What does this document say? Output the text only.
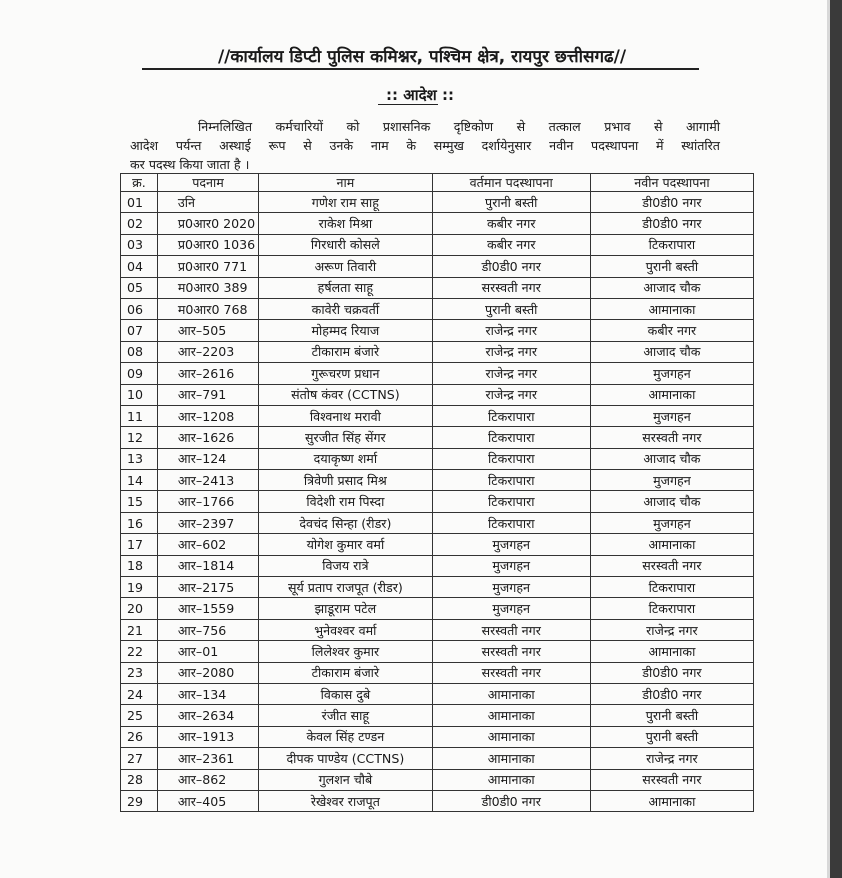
//कार्यालय डिप्टी पुलिस कमिश्नर, पश्चिम क्षेत्र, रायपुर छत्तीसगढ//
:: आदेश ::
निम्नलिखित कर्मचारियों को प्रशासनिक दृष्टिकोण से तत्काल प्रभाव से आगामी
आदेश पर्यन्त अस्थाई रूप से उनके नाम के सम्मुख दर्शायेनुसार नवीन पदस्थापना में स्थांतरित
कर पदस्थ किया जाता है ।
क्र.	पदनाम	नाम	वर्तमान पदस्थापना	नवीन पदस्थापना
01	उनि	गणेश राम साहू	पुरानी बस्ती	डी0डी0 नगर
02	प्र0आर0 2020	राकेश मिश्रा	कबीर नगर	डी0डी0 नगर
03	प्र0आर0 1036	गिरधारी कोसले	कबीर नगर	टिकरापारा
04	प्र0आर0 771	अरूण तिवारी	डी0डी0 नगर	पुरानी बस्ती
05	म0आर0 389	हर्षलता साहू	सरस्वती नगर	आजाद चौक
06	म0आर0 768	कावेरी चक्रवर्ती	पुरानी बस्ती	आमानाका
07	आर–505	मोहम्मद रियाज	राजेन्द्र नगर	कबीर नगर
08	आर–2203	टीकाराम बंजारे	राजेन्द्र नगर	आजाद चौक
09	आर–2616	गुरूचरण प्रधान	राजेन्द्र नगर	मुजगहन
10	आर–791	संतोष कंवर (CCTNS)	राजेन्द्र नगर	आमानाका
11	आर–1208	विश्वनाथ मरावी	टिकरापारा	मुजगहन
12	आर–1626	सुरजीत सिंह सेंगर	टिकरापारा	सरस्वती नगर
13	आर–124	दयाकृष्ण शर्मा	टिकरापारा	आजाद चौक
14	आर–2413	त्रिवेणी प्रसाद मिश्र	टिकरापारा	मुजगहन
15	आर–1766	विदेशी राम पिस्दा	टिकरापारा	आजाद चौक
16	आर–2397	देवचंद सिन्हा (रीडर)	टिकरापारा	मुजगहन
17	आर–602	योगेश कुमार वर्मा	मुजगहन	आमानाका
18	आर–1814	विजय रात्रे	मुजगहन	सरस्वती नगर
19	आर–2175	सूर्य प्रताप राजपूत (रीडर)	मुजगहन	टिकरापारा
20	आर–1559	झाडूराम पटेल	मुजगहन	टिकरापारा
21	आर–756	भुनेवश्वर वर्मा	सरस्वती नगर	राजेन्द्र नगर
22	आर–01	लिलेश्वर कुमार	सरस्वती नगर	आमानाका
23	आर–2080	टीकाराम बंजारे	सरस्वती नगर	डी0डी0 नगर
24	आर–134	विकास दुबे	आमानाका	डी0डी0 नगर
25	आर–2634	रंजीत साहू	आमानाका	पुरानी बस्ती
26	आर–1913	केवल सिंह टण्डन	आमानाका	पुरानी बस्ती
27	आर–2361	दीपक पाण्डेय (CCTNS)	आमानाका	राजेन्द्र नगर
28	आर–862	गुलशन चौबे	आमानाका	सरस्वती नगर
29	आर–405	रेखेश्वर राजपूत	डी0डी0 नगर	आमानाका
